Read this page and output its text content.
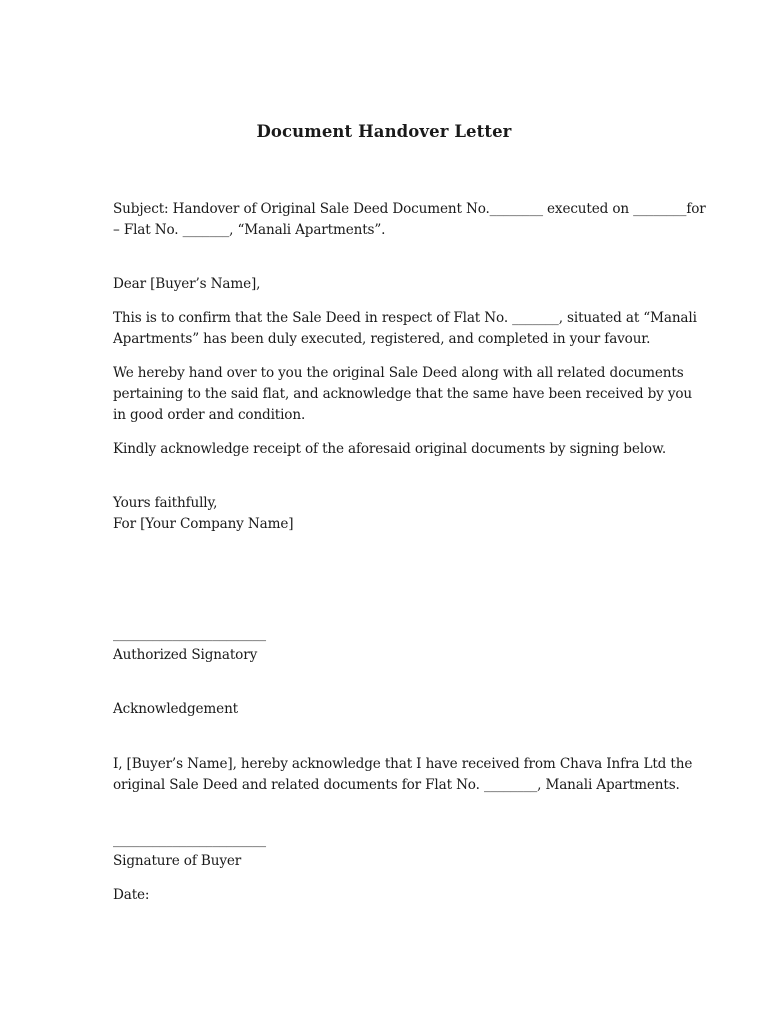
Document Handover Letter
Subject: Handover of Original Sale Deed Document No.________ executed on ________for
– Flat No. _______, “Manali Apartments”.
Dear [Buyer’s Name],
This is to confirm that the Sale Deed in respect of Flat No. _______, situated at “Manali
Apartments” has been duly executed, registered, and completed in your favour.
We hereby hand over to you the original Sale Deed along with all related documents
pertaining to the said flat, and acknowledge that the same have been received by you
in good order and condition.
Kindly acknowledge receipt of the aforesaid original documents by signing below.
Yours faithfully,
For [Your Company Name]
_______________________
Authorized Signatory
Acknowledgement
I, [Buyer’s Name], hereby acknowledge that I have received from Chava Infra Ltd the
original Sale Deed and related documents for Flat No. ________, Manali Apartments.
_______________________
Signature of Buyer
Date:
